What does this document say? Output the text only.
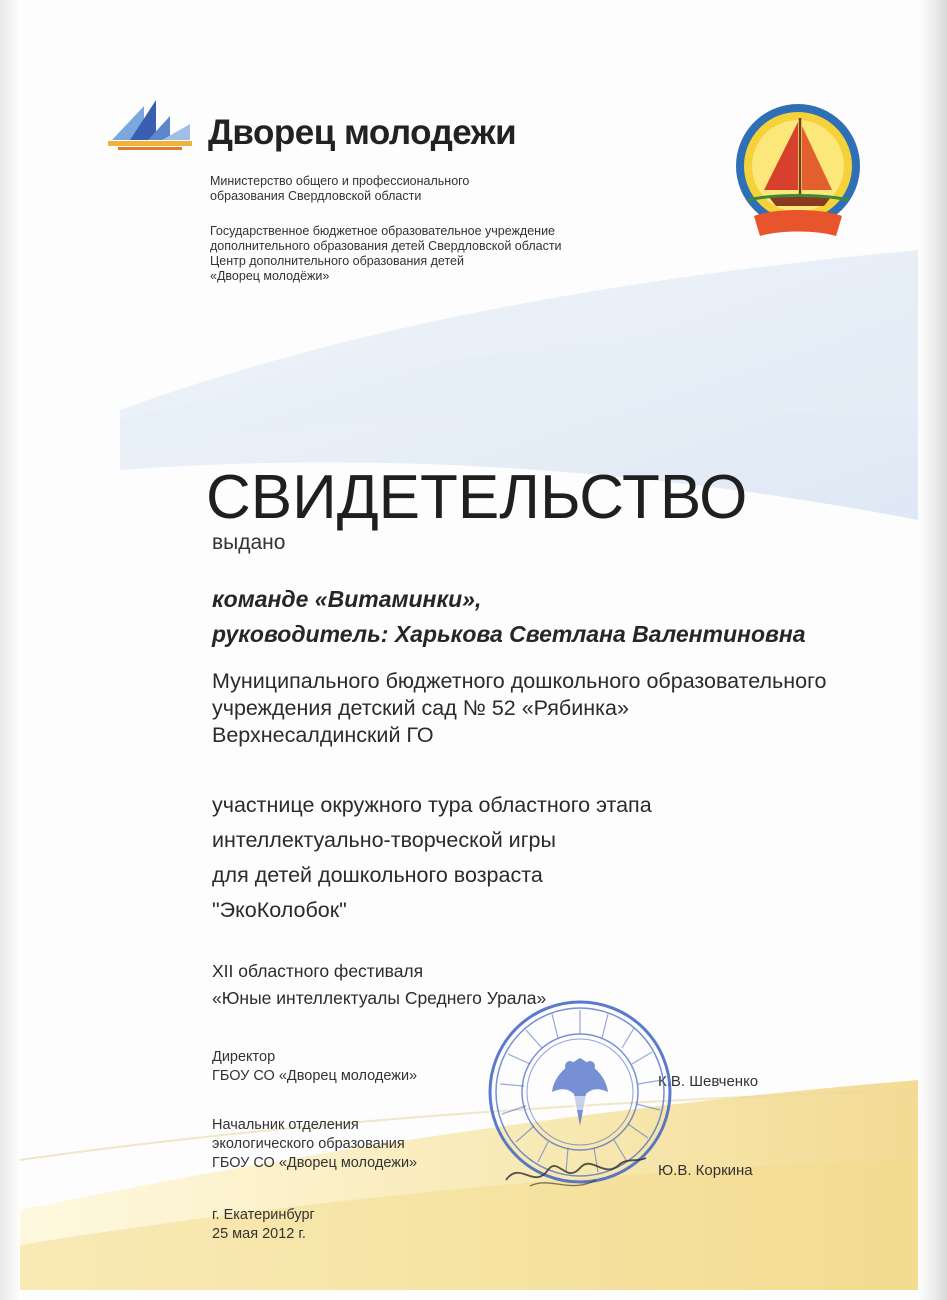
Дворец молодежи
Министерство общего и профессионального
образования Свердловской области
Государственное бюджетное образовательное учреждение
дополнительного образования детей Свердловской области
Центр дополнительного образования детей
«Дворец молодёжи»
СВИДЕТЕЛЬСТВО
выдано
команде «Витаминки»,
руководитель: Харькова Светлана Валентиновна
Муниципального бюджетного дошкольного образовательного
учреждения детский сад № 52 «Рябинка»
Верхнесалдинский ГО
участнице окружного тура областного этапа
интеллектуально-творческой игры
для детей дошкольного возраста
"ЭкоКолобок"
XII областного фестиваля
«Юные интеллектуалы Среднего Урала»
Директор
ГБОУ СО «Дворец молодежи»	К.В. Шевченко
Начальник отделения
экологического образования
ГБОУ СО «Дворец молодежи»	Ю.В. Коркина
г. Екатеринбург
25 мая 2012 г.
